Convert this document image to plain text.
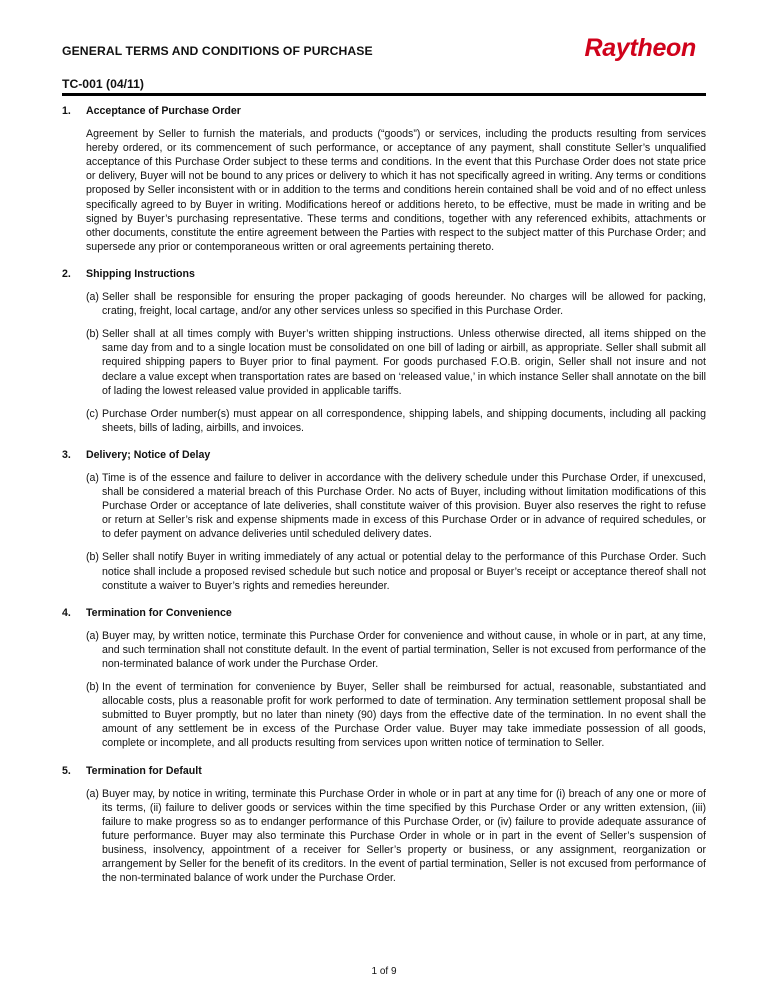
GENERAL TERMS AND CONDITIONS OF PURCHASE	Raytheon
TC-001 (04/11)
1.	Acceptance of Purchase Order

Agreement by Seller to furnish the materials, and products (“goods”) or services, including the products resulting from services hereby ordered, or its commencement of such performance, or acceptance of any payment, shall constitute Seller’s unqualified acceptance of this Purchase Order subject to these terms and conditions. In the event that this Purchase Order does not state price or delivery, Buyer will not be bound to any prices or delivery to which it has not specifically agreed in writing. Any terms or conditions proposed by Seller inconsistent with or in addition to the terms and conditions herein contained shall be void and of no effect unless specifically agreed to by Buyer in writing. Modifications hereof or additions hereto, to be effective, must be made in writing and be signed by Buyer’s purchasing representative. These terms and conditions, together with any referenced exhibits, attachments or other documents, constitute the entire agreement between the Parties with respect to the subject matter of this Purchase Order; and supersede any prior or contemporaneous written or oral agreements pertaining thereto.

2.	Shipping Instructions
(a) Seller shall be responsible for ensuring the proper packaging of goods hereunder. No charges will be allowed for packing, crating, freight, local cartage, and/or any other services unless so specified in this Purchase Order.
(b) Seller shall at all times comply with Buyer’s written shipping instructions. Unless otherwise directed, all items shipped on the same day from and to a single location must be consolidated on one bill of lading or airbill, as appropriate. Seller shall submit all required shipping papers to Buyer prior to final payment. For goods purchased F.O.B. origin, Seller shall not insure and not declare a value except when transportation rates are based on ‘released value,’ in which instance Seller shall annotate on the bill of lading the lowest released value provided in applicable tariffs.
(c) Purchase Order number(s) must appear on all correspondence, shipping labels, and shipping documents, including all packing sheets, bills of lading, airbills, and invoices.
3.	Delivery; Notice of Delay
(a) Time is of the essence and failure to deliver in accordance with the delivery schedule under this Purchase Order, if unexcused, shall be considered a material breach of this Purchase Order. No acts of Buyer, including without limitation modifications of this Purchase Order or acceptance of late deliveries, shall constitute waiver of this provision. Buyer also reserves the right to refuse or return at Seller’s risk and expense shipments made in excess of this Purchase Order or in advance of required schedules, or to defer payment on advance deliveries until scheduled delivery dates.
(b) Seller shall notify Buyer in writing immediately of any actual or potential delay to the performance of this Purchase Order. Such notice shall include a proposed revised schedule but such notice and proposal or Buyer’s receipt or acceptance thereof shall not constitute a waiver to Buyer’s rights and remedies hereunder.
4.	Termination for Convenience
(a) Buyer may, by written notice, terminate this Purchase Order for convenience and without cause, in whole or in part, at any time, and such termination shall not constitute default. In the event of partial termination, Seller is not excused from performance of the non-terminated balance of work under the Purchase Order.
(b) In the event of termination for convenience by Buyer, Seller shall be reimbursed for actual, reasonable, substantiated and allocable costs, plus a reasonable profit for work performed to date of termination. Any termination settlement proposal shall be submitted to Buyer promptly, but no later than ninety (90) days from the effective date of the termination. In no event shall the amount of any settlement be in excess of the Purchase Order value. Buyer may take immediate possession of all goods, complete or incomplete, and all products resulting from services upon written notice of termination to Seller.
5.	Termination for Default
(a) Buyer may, by notice in writing, terminate this Purchase Order in whole or in part at any time for (i) breach of any one or more of its terms, (ii) failure to deliver goods or services within the time specified by this Purchase Order or any written extension, (iii) failure to make progress so as to endanger performance of this Purchase Order, or (iv) failure to provide adequate assurance of future performance. Buyer may also terminate this Purchase Order in whole or in part in the event of Seller’s suspension of business, insolvency, appointment of a receiver for Seller’s property or business, or any assignment, reorganization or arrangement by Seller for the benefit of its creditors. In the event of partial termination, Seller is not excused from performance of the non-terminated balance of work under the Purchase Order.
1 of 9
